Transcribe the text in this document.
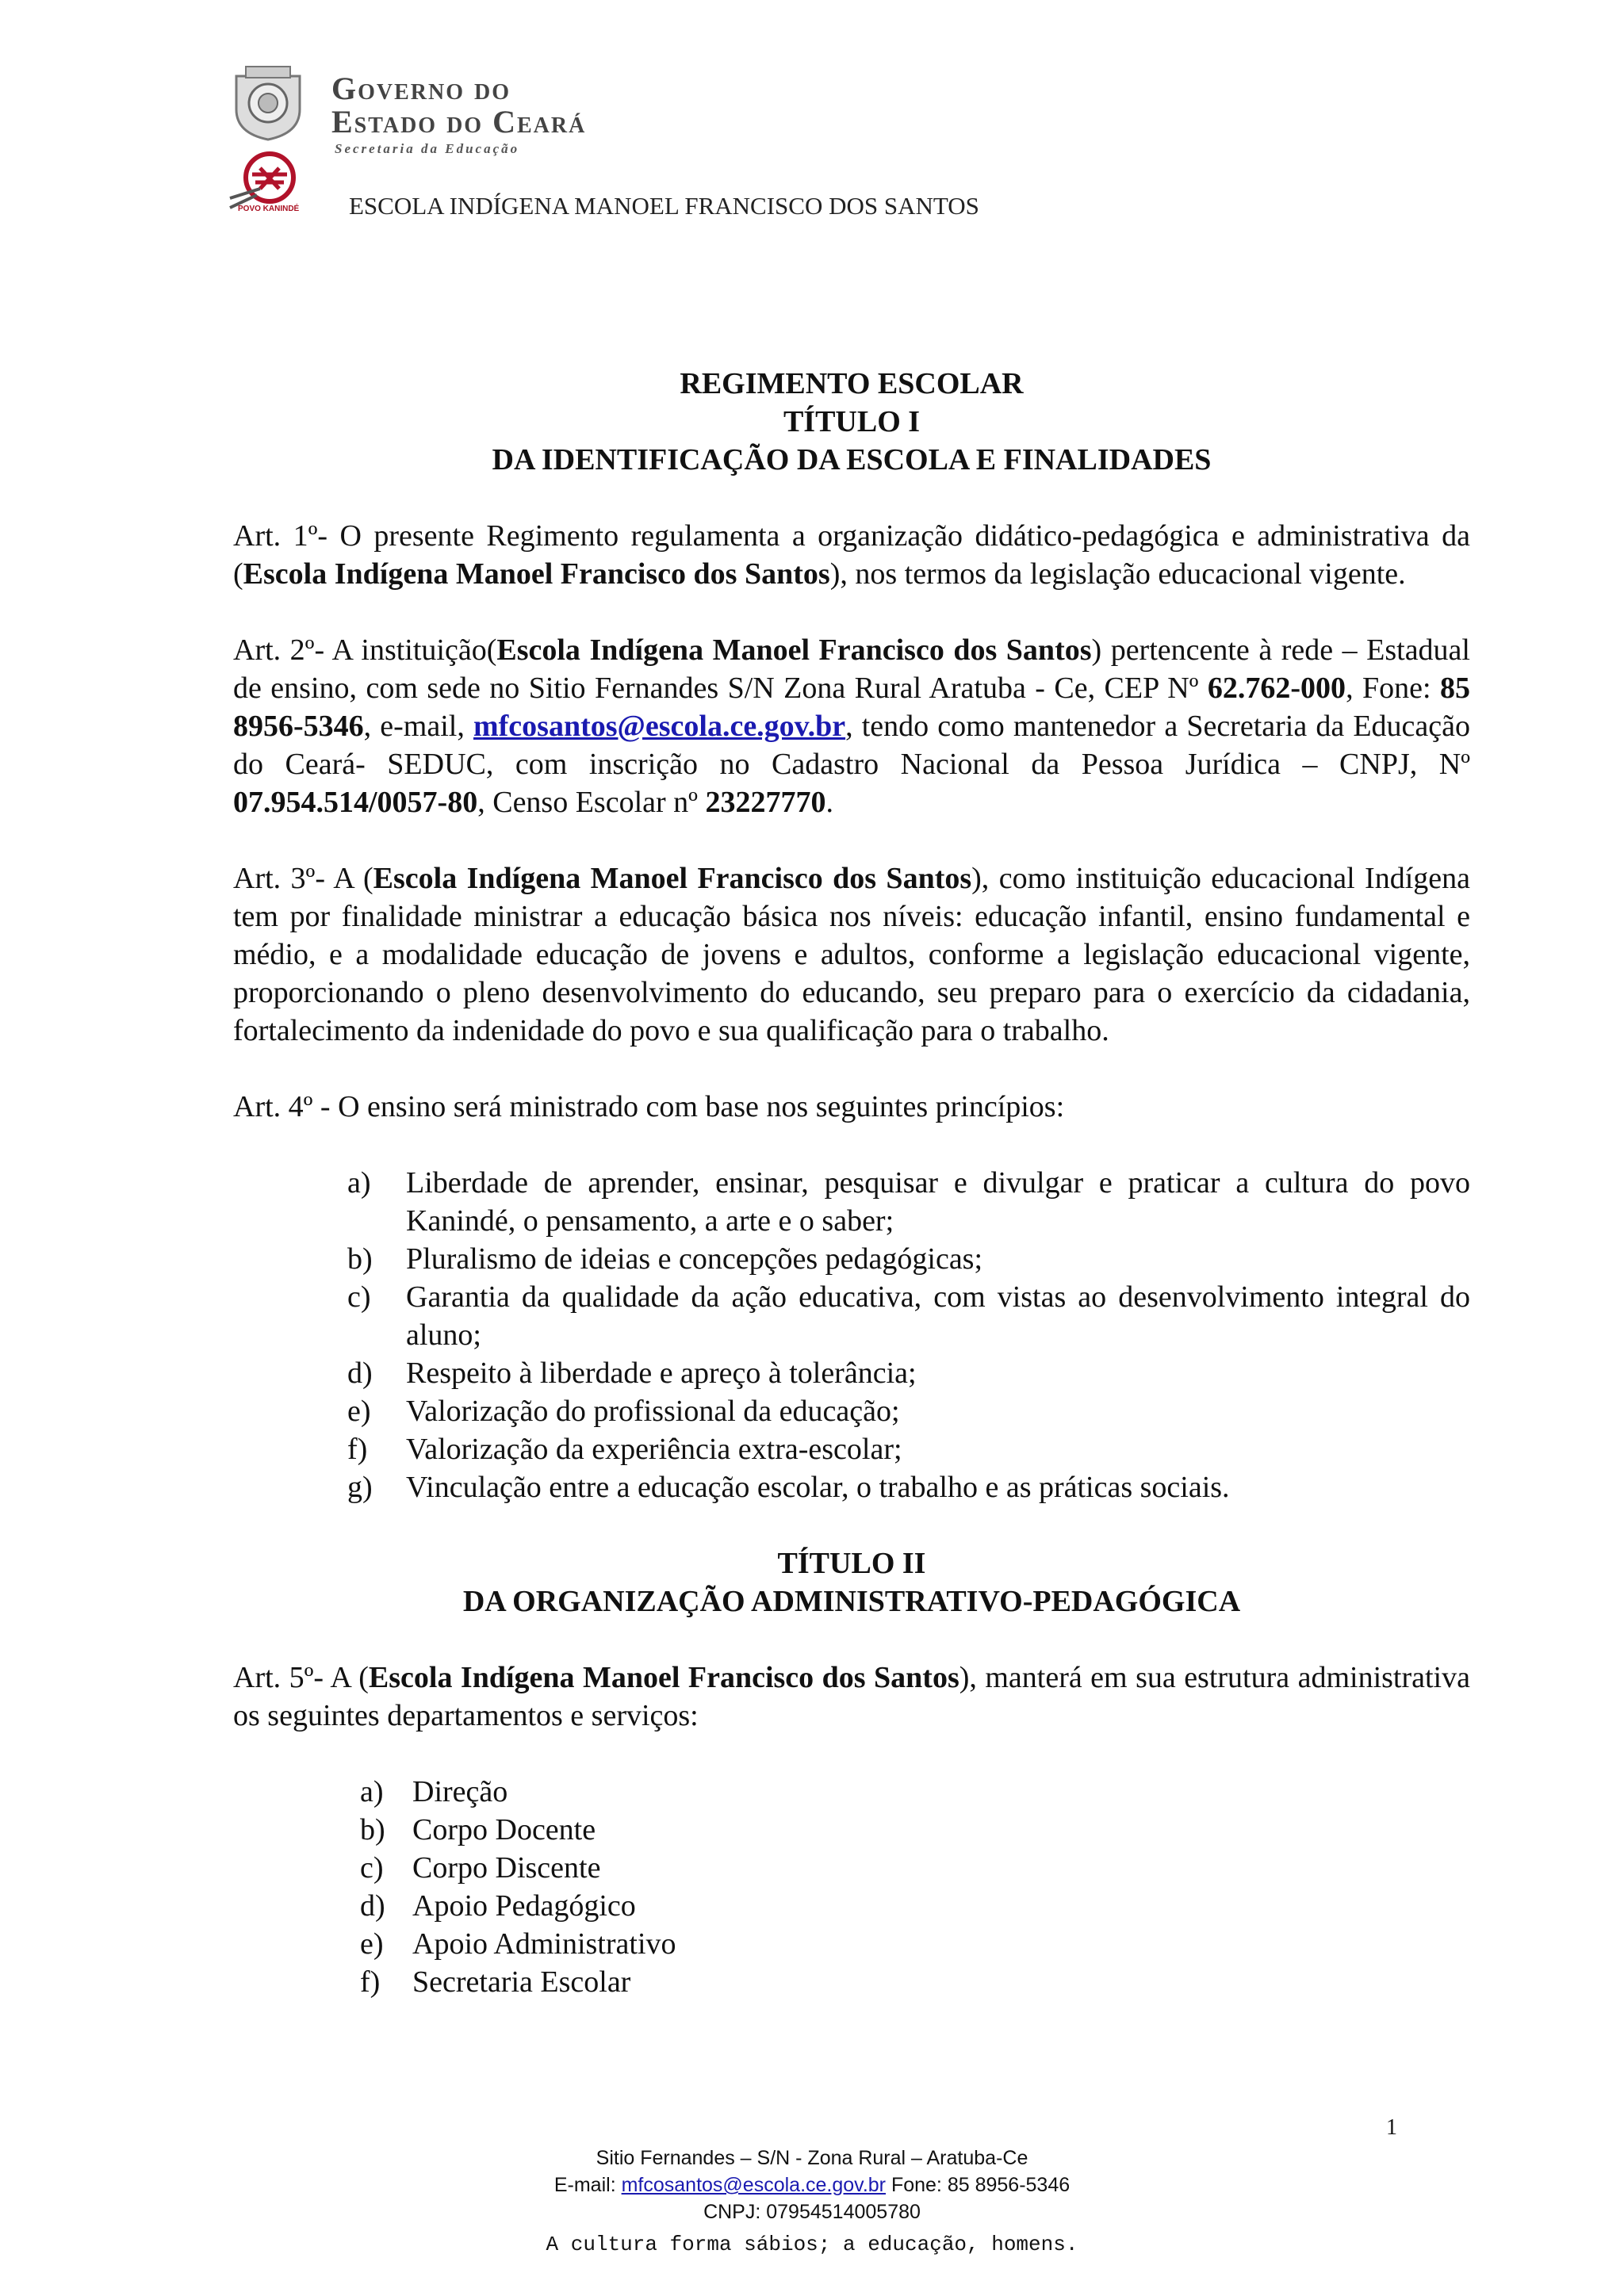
Governo do
Estado do Ceará
Secretaria da Educação
POVO KANINDÉ ESCOLA INDÍGENA MANOEL FRANCISCO DOS SANTOS
REGIMENTO ESCOLAR
TÍTULO I
DA IDENTIFICAÇÃO DA ESCOLA E FINALIDADES

Art. 1º- O presente Regimento regulamenta a organização didático-pedagógica e administrativa da (Escola Indígena Manoel Francisco dos Santos), nos termos da legislação educacional vigente.

Art. 2º- A instituição(Escola Indígena Manoel Francisco dos Santos) pertencente à rede – Estadual de ensino, com sede no Sitio Fernandes S/N Zona Rural Aratuba - Ce, CEP Nº 62.762-000, Fone: 85 8956-5346, e-mail, mfcosantos@escola.ce.gov.br, tendo como mantenedor a Secretaria da Educação do Ceará- SEDUC, com inscrição no Cadastro Nacional da Pessoa Jurídica – CNPJ, Nº 07.954.514/0057-80, Censo Escolar nº 23227770.

Art. 3º- A (Escola Indígena Manoel Francisco dos Santos), como instituição educacional Indígena tem por finalidade ministrar a educação básica nos níveis: educação infantil, ensino fundamental e médio, e a modalidade educação de jovens e adultos, conforme a legislação educacional vigente, proporcionando o pleno desenvolvimento do educando, seu preparo para o exercício da cidadania, fortalecimento da indenidade do povo e sua qualificação para o trabalho.

Art. 4º - O ensino será ministrado com base nos seguintes princípios:

a) Liberdade de aprender, ensinar, pesquisar e divulgar e praticar a cultura do povo Kanindé, o pensamento, a arte e o saber;
b) Pluralismo de ideias e concepções pedagógicas;
c) Garantia da qualidade da ação educativa, com vistas ao desenvolvimento integral do aluno;
d) Respeito à liberdade e apreço à tolerância;
e) Valorização do profissional da educação;
f) Valorização da experiência extra-escolar;
g) Vinculação entre a educação escolar, o trabalho e as práticas sociais.
TÍTULO II
DA ORGANIZAÇÃO ADMINISTRATIVO-PEDAGÓGICA

Art. 5º- A (Escola Indígena Manoel Francisco dos Santos), manterá em sua estrutura administrativa os seguintes departamentos e serviços:

a) Direção
b) Corpo Docente
c) Corpo Discente
d) Apoio Pedagógico
e) Apoio Administrativo
f) Secretaria Escolar
1
Sitio Fernandes – S/N - Zona Rural – Aratuba-Ce
E-mail: mfcosantos@escola.ce.gov.br Fone: 85 8956-5346
CNPJ: 07954514005780
A cultura forma sábios; a educação, homens.
